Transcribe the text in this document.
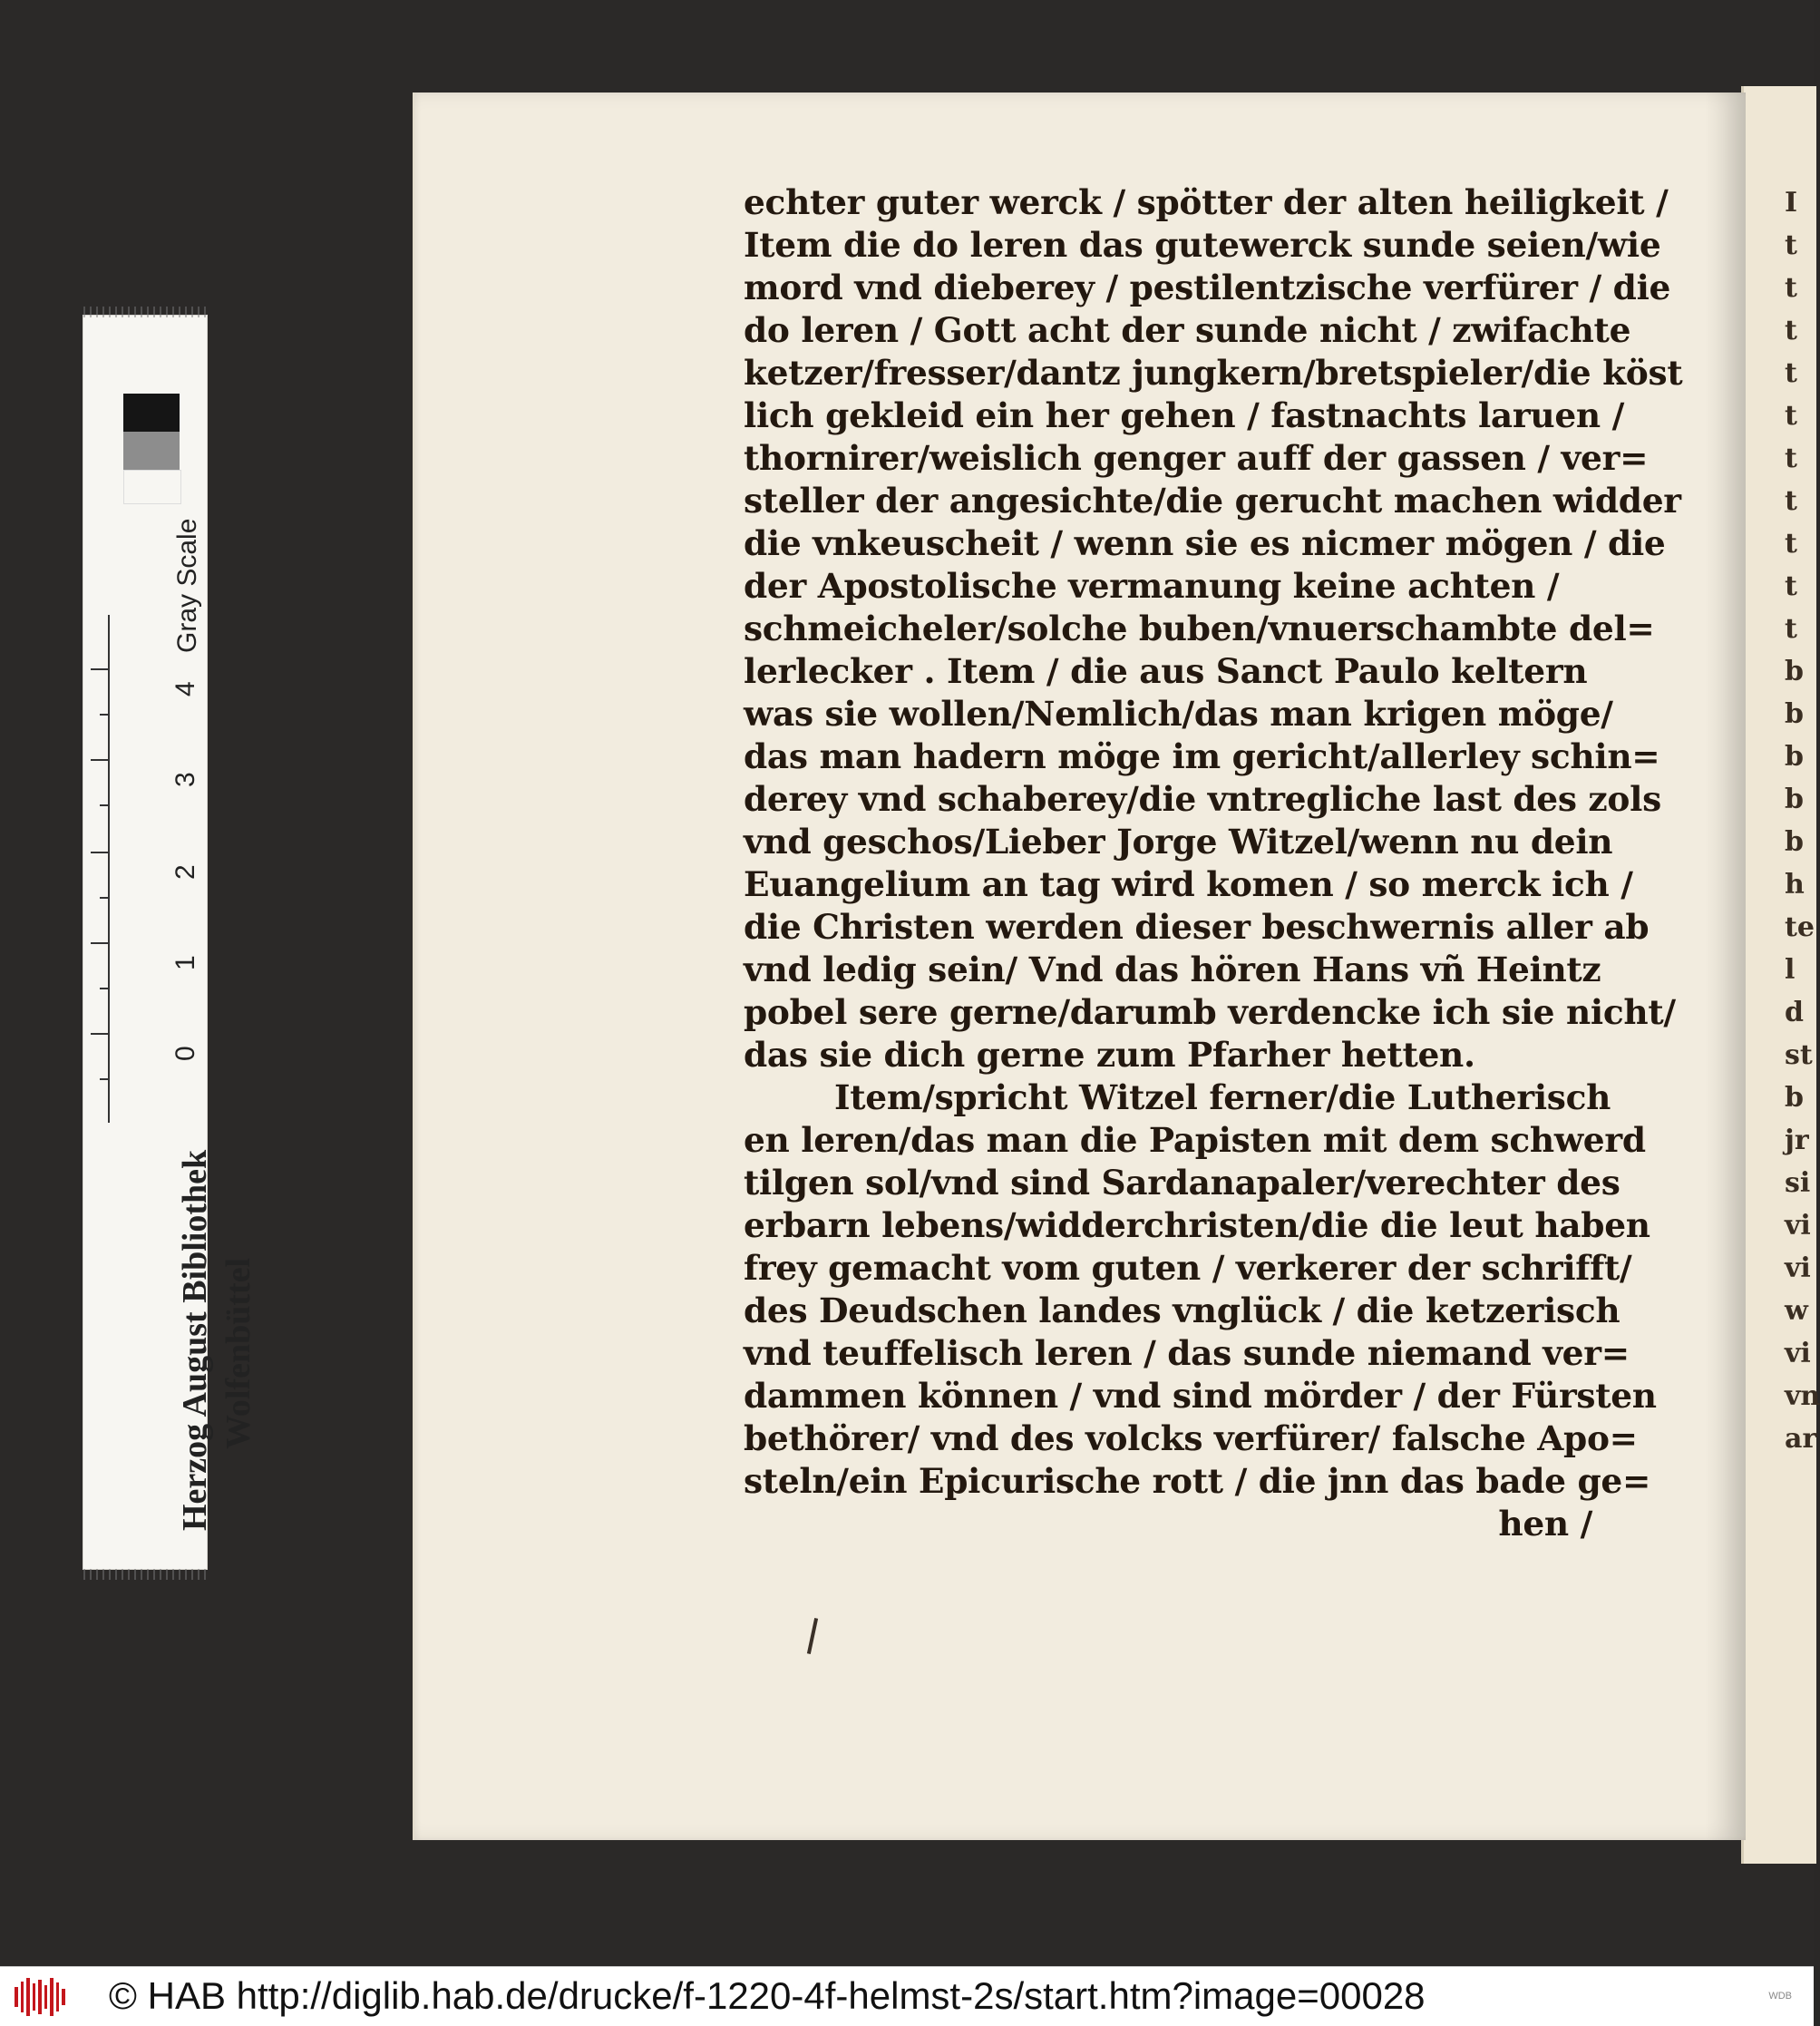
I
t
t
t
t
t
t
t
t
t
t
b
b
b
b
b
h
te
l
d
st
b
jr
si
vi
vi
w
vi
vn
ar
echter guter werck / spötter der alten heiligkeit /
Item die do leren das gutewerck sunde seien/wie
mord vnd dieberey / pestilentzische verfürer / die
do leren / Gott acht der sunde nicht / zwifachte
ketzer/fresser/dantz jungkern/bretspieler/die köst
lich gekleid ein her gehen / fastnachts laruen /
thornirer/weislich genger auff der gassen / ver=
steller der angesichte/die gerucht machen widder
die vnkeuscheit / wenn sie es nicmer mögen / die
der Apostolische vermanung keine achten /
schmeicheler/solche buben/vnuerschambte del=
lerlecker . Item / die aus Sanct Paulo keltern
was sie wollen/Nemlich/das man krigen möge/
das man hadern möge im gericht/allerley schin=
derey vnd schaberey/die vntregliche last des zols
vnd geschos/Lieber Jorge Witzel/wenn nu dein
Euangelium an tag wird komen / so merck ich /
die Christen werden dieser beschwernis aller ab
vnd ledig sein/ Vnd das hören Hans vñ Heintz
pobel sere gerne/darumb verdencke ich sie nicht/
das sie dich gerne zum Pfarher hetten.
Item/spricht Witzel ferner/die Lutherisch
en leren/das man die Papisten mit dem schwerd
tilgen sol/vnd sind Sardanapaler/verechter des
erbarn lebens/widderchristen/die die leut haben
frey gemacht vom guten / verkerer der schrifft/
des Deudschen landes vnglück / die ketzerisch
vnd teuffelisch leren / das sunde niemand ver=
dammen können / vnd sind mörder / der Fürsten
bethörer/ vnd des volcks verfürer/ falsche Apo=
steln/ein Epicurische rott / die jnn das bade ge=
hen /
Gray Scale
4
3
2
1
0
Herzog August Bibliothek Wolfenbüttel
© HAB http://diglib.hab.de/drucke/f-1220-4f-helmst-2s/start.htm?image=00028	WDB
